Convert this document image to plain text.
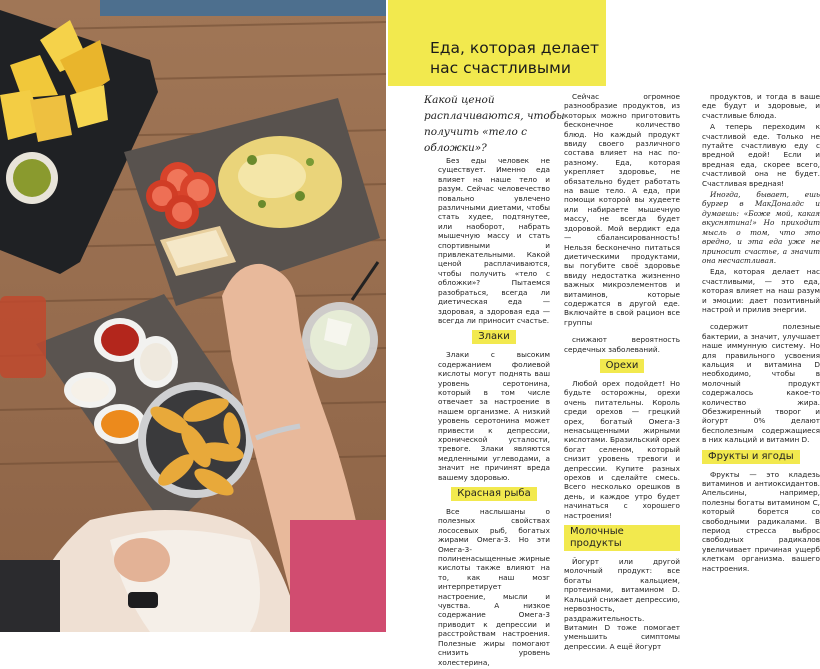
Еда, которая делает
нас счастливыми
Какой ценой расплачиваются, чтобы получить «тело с обложки»?

Без еды человек не существует. Именно еда влияет на наше тело и разум. Сейчас человечество повально увлечено различными диетами, чтобы стать худее, подтянутее, или наоборот, набрать мышечную массу и стать спортивными и привлекательными. Какой ценой расплачиваются, чтобы получить «тело с обложки»? Пытаемся разобраться, всегда ли диетическая еда — здоровая, а здоровая еда — всегда ли приносит счастье.

Злаки

Злаки с высоким содержанием фолиевой кислоты могут поднять ваш уровень серотонина, который в том числе отвечает за настроение в нашем организме. А низкий уровень серотонина может привести к депрессии, хронической усталости, тревоге. Злаки являются медленными углеводами, а значит не причинят вреда вашему здоровью.

Красная рыба

Все наслышаны о полезных свойствах лососевых рыб, богатых жирами Омега-3. Но эти Омега-3-полиненасыщенные жирные кислоты также влияют на то, как наш мозг интерпретирует настроение, мысли и чувства. А низкое содержание Омега-3 приводит к депрессии и расстройствам настроения. Полезные жиры помогают снизить уровень холестерина,

Сейчас огромное разнообразие продуктов, из которых можно приготовить бесконечное количество блюд. Но каждый продукт ввиду своего различного состава влияет на нас по-разному. Еда, которая укрепляет здоровье, не обязательно будет работать на ваше тело. А еда, при помощи которой вы худеете или набираете мышечную массу, не всегда будет здоровой. Мой вердикт еда — сбалансированность! Нельзя бесконечно питаться диетическими продуктами, вы погубите своё здоровье ввиду недостатка жизненно важных микроэлементов и витаминов, которые содержатся в другой еде. Включайте в свой рацион все группы

снижают вероятность сердечных заболеваний.

Орехи

Любой орех подойдет! Но будьте осторожны, орехи очень питательны. Король среди орехов — грецкий орех, богатый Омега-3 ненасыщенными жирными кислотами. Бразильский орех богат селеном, который снизит уровень тревоги и депрессии. Купите разных орехов и сделайте смесь. Всего несколько орешков в день, и каждое утро будет начинаться с хорошего настроения!

Молочные продукты

Йогурт или другой молочный продукт: все богаты кальцием, протеинами, витамином D. Кальций снижает депрессию, нервозность, раздражительность. Витамин D тоже помогает уменьшить симптомы депрессии. А ещё йогурт

продуктов, и тогда в ваше еде будут и здоровые, и счастливые блюда.

А теперь переходим к счастливой еде. Только не путайте счастливую еду с вредной едой! Если и вредная еда, скорее всего, счастливой она не будет. Счастливая вредная!

Иногда, бывает, ешь бургер в МакДоналдс и думаешь: «Боже мой, какая вкуснятина!» Но приходит мысль о том, что это вредно, и эта еда уже не приносит счастье, а значит она несчастливая.

Еда, которая делает нас счастливыми, — это еда, которая влияет на наш разум и эмоции: дает позитивный настрой и прилив энергии.

содержит полезные бактерии, а значит, улучшает наше иммунную систему. Но для правильного усвоения кальция и витамина D необходимо, чтобы в молочный продукт содержалось какое-то количество жира. Обезжиренный творог и йогурт 0% делают бесполезным содержащиеся в них кальций и витамин D.

Фрукты и ягоды

Фрукты — это кладезь витаминов и антиоксидантов. Апельсины, например, полезны богаты витамином C, который борется со свободными радикалами. В период стресса выброс свободных радикалов увеличивает причиная ущерб клеткам организма. вашего настроения.
